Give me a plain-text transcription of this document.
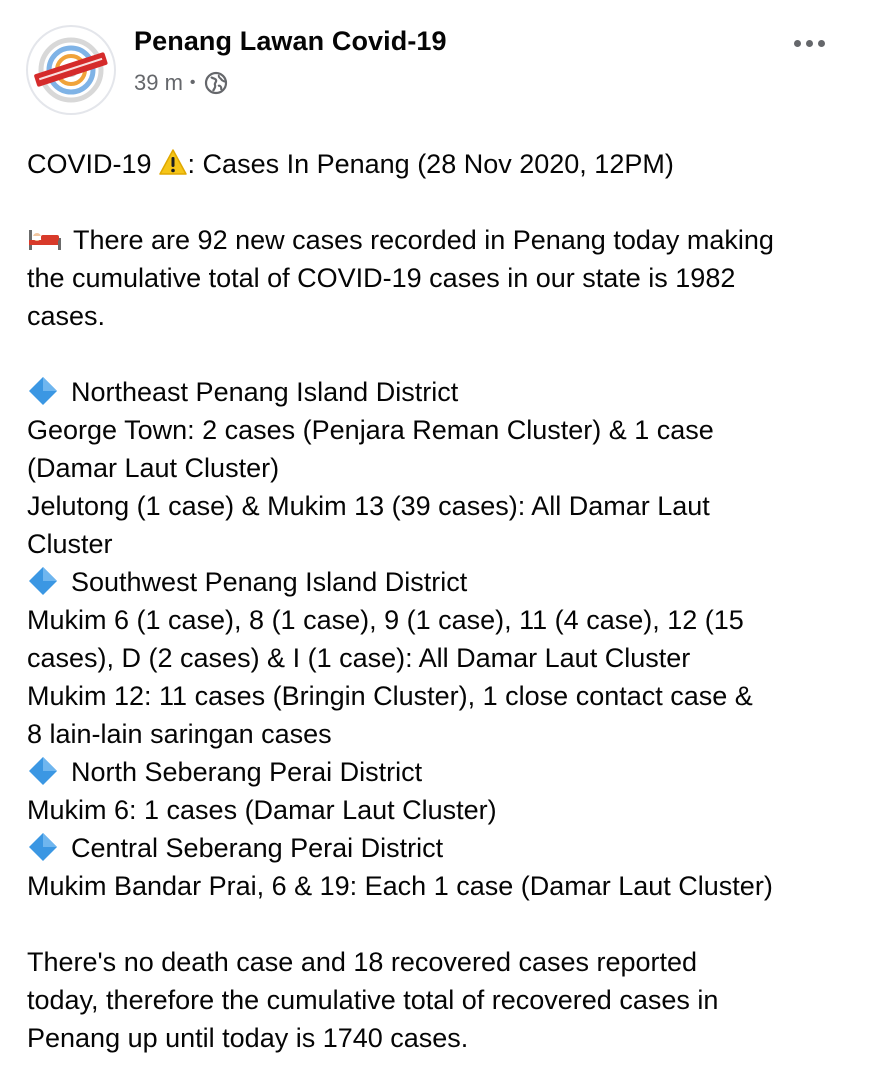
Penang Lawan Covid-19
39 m •
COVID-19 : Cases In Penang (28 Nov 2020, 12PM)
There are 92 new cases recorded in Penang today making
the cumulative total of COVID-19 cases in our state is 1982
cases.
Northeast Penang Island District
George Town: 2 cases (Penjara Reman Cluster) & 1 case
(Damar Laut Cluster)
Jelutong (1 case) & Mukim 13 (39 cases): All Damar Laut
Cluster
Southwest Penang Island District
Mukim 6 (1 case), 8 (1 case), 9 (1 case), 11 (4 case), 12 (15
cases), D (2 cases) & I (1 case): All Damar Laut Cluster
Mukim 12: 11 cases (Bringin Cluster), 1 close contact case &
8 lain-lain saringan cases
North Seberang Perai District
Mukim 6: 1 cases (Damar Laut Cluster)
Central Seberang Perai District
Mukim Bandar Prai, 6 & 19: Each 1 case (Damar Laut Cluster)
There's no death case and 18 recovered cases reported
today, therefore the cumulative total of recovered cases in
Penang up until today is 1740 cases.
